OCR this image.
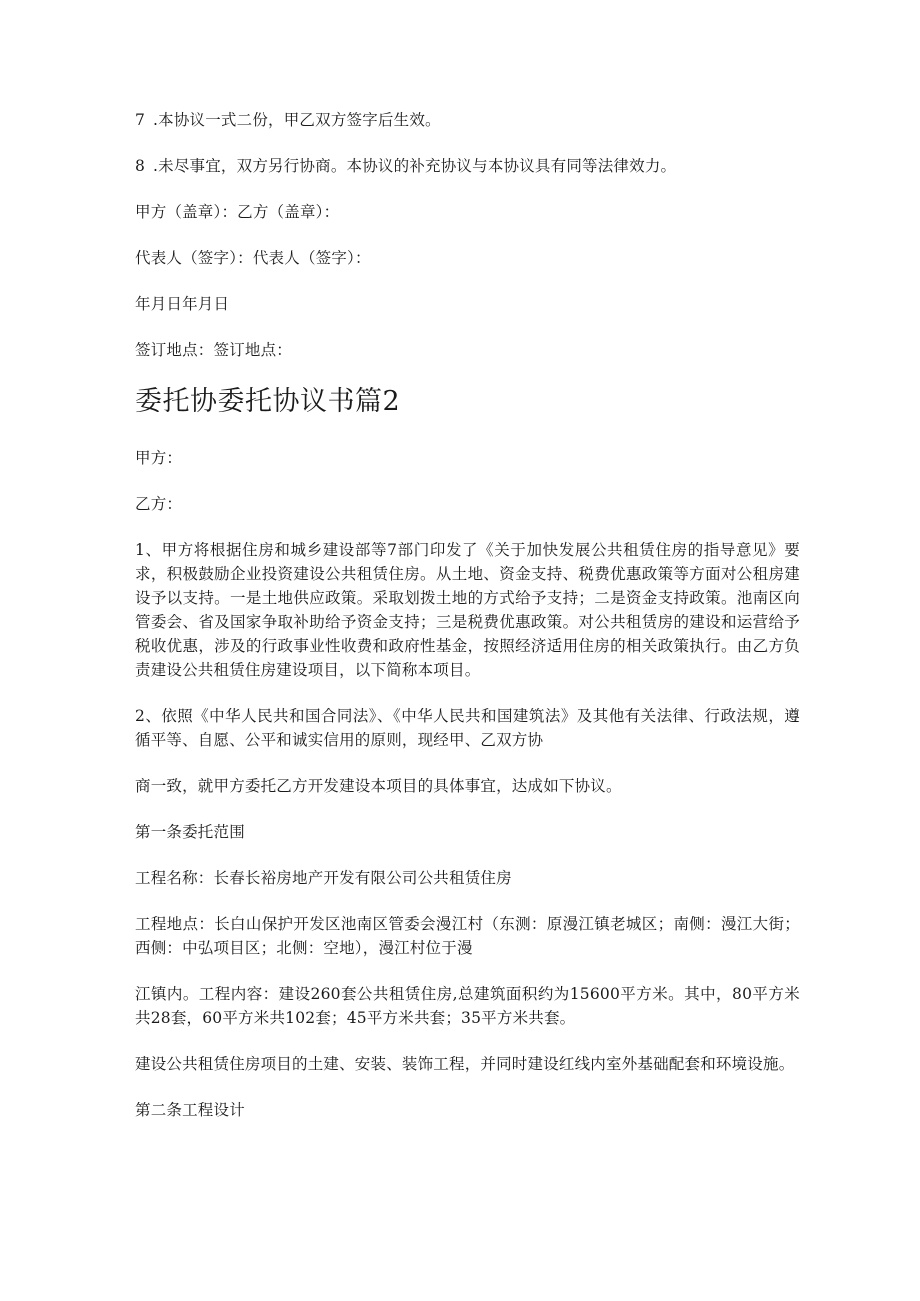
7 .本协议一式二份，甲乙双方签字后生效。

8 .未尽事宜，双方另行协商。本协议的补充协议与本协议具有同等法律效力。

甲方（盖章）：乙方（盖章）：

代表人（签字）：代表人（签字）：

年月日年月日

签订地点：签订地点：

委托协委托协议书篇2

甲方：

乙方：

1、甲方将根据住房和城乡建设部等7部门印发了《关于加快发展公共租赁住房的指导意见》要求，积极鼓励企业投资建设公共租赁住房。从土地、资金支持、税费优惠政策等方面对公租房建设予以支持。一是土地供应政策。采取划拨土地的方式给予支持；二是资金支持政策。池南区向管委会、省及国家争取补助给予资金支持；三是税费优惠政策。对公共租赁房的建设和运营给予税收优惠，涉及的行政事业性收费和政府性基金，按照经济适用住房的相关政策执行。由乙方负责建设公共租赁住房建设项目，以下简称本项目。

2、依照《中华人民共和国合同法》、《中华人民共和国建筑法》及其他有关法律、行政法规，遵循平等、自愿、公平和诚实信用的原则，现经甲、乙双方协

商一致，就甲方委托乙方开发建设本项目的具体事宜，达成如下协议。

第一条委托范围

工程名称：长春长裕房地产开发有限公司公共租赁住房

工程地点：长白山保护开发区池南区管委会漫江村（东测：原漫江镇老城区；南侧：漫江大街；西侧：中弘项目区；北侧：空地），漫江村位于漫

江镇内。工程内容：建设260套公共租赁住房,总建筑面积约为15600平方米。其中，80平方米共28套，60平方米共102套；45平方米共套；35平方米共套。

建设公共租赁住房项目的土建、安装、装饰工程，并同时建设红线内室外基础配套和环境设施。

第二条工程设计
